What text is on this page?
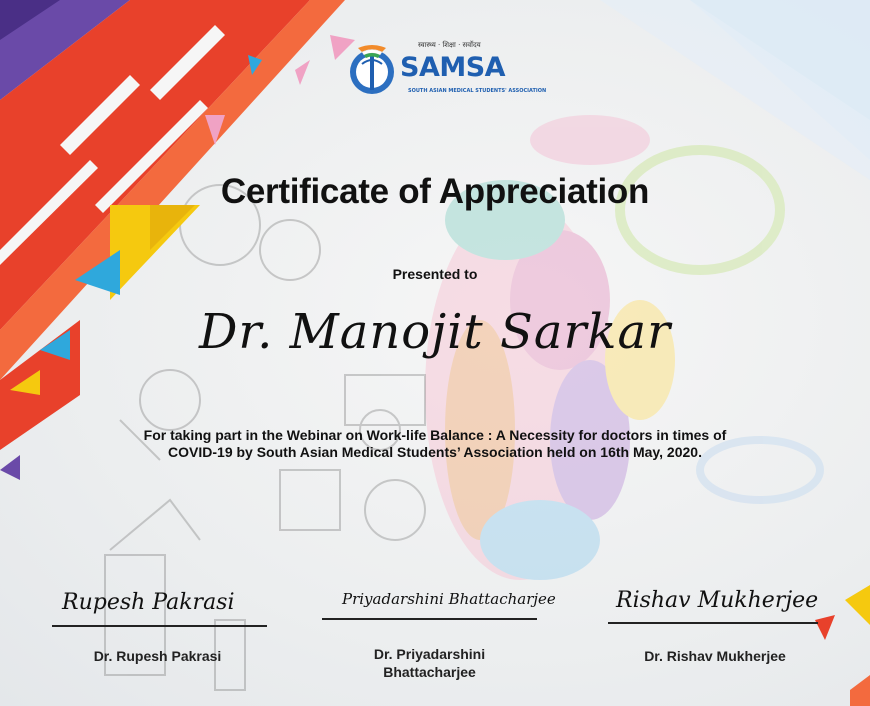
स्वास्थ्य · शिक्षा · सर्वोदय
SAMSA
SOUTH ASIAN MEDICAL STUDENTS' ASSOCIATION
Certificate of Appreciation
Presented to
Dr. Manojit Sarkar
For taking part in the Webinar on Work-life Balance : A Necessity for doctors in times of COVID-19 by South Asian Medical Students’ Association held on 16th May, 2020.
Rupesh Pakrasi
Dr. Rupesh Pakrasi
Priyadarshini Bhattacharjee
Dr. Priyadarshini Bhattacharjee
Rishav Mukherjee
Dr. Rishav Mukherjee
